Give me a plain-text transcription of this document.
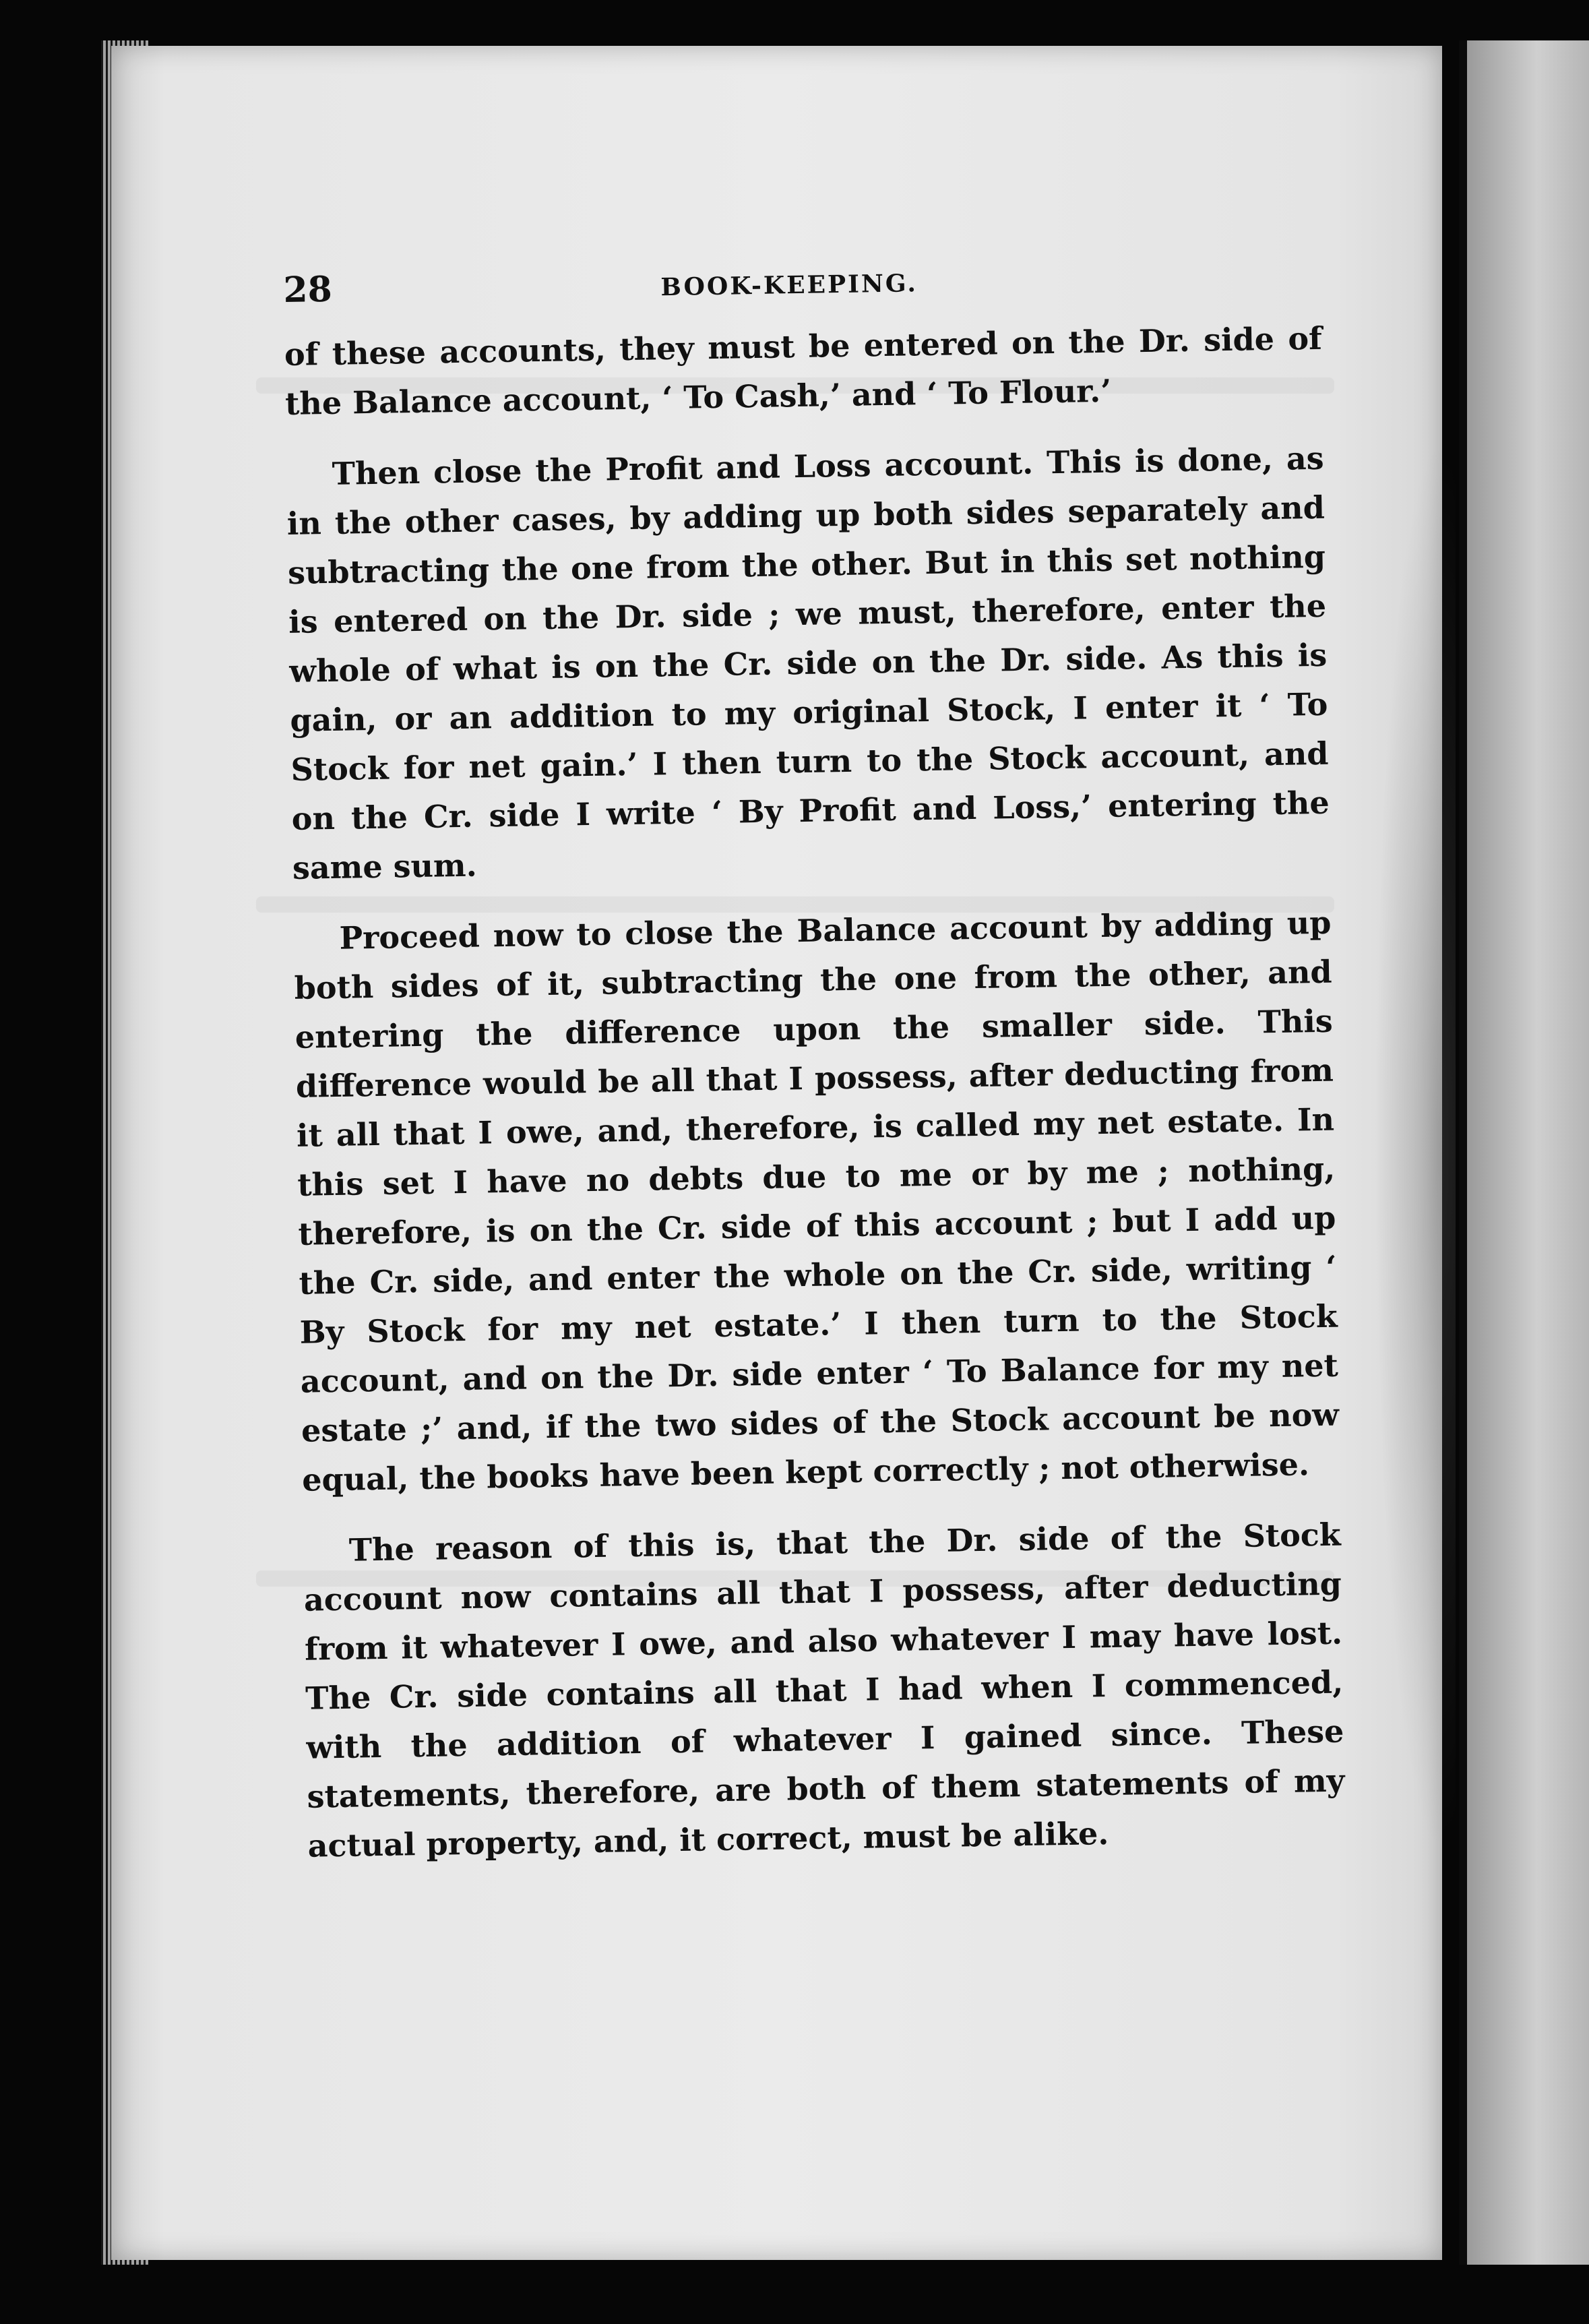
28	BOOK-KEEPING.

of these accounts, they must be entered on the Dr. side of the Balance account, ‘ To Cash,’ and ‘ To Flour.’

Then close the Profit and Loss account. This is done, as in the other cases, by adding up both sides separately and subtracting the one from the other. But in this set nothing is entered on the Dr. side ; we must, therefore, enter the whole of what is on the Cr. side on the Dr. side. As this is gain, or an addition to my original Stock, I enter it ‘ To Stock for net gain.’ I then turn to the Stock account, and on the Cr. side I write ‘ By Profit and Loss,’ entering the same sum.

Proceed now to close the Balance account by adding up both sides of it, subtracting the one from the other, and entering the difference upon the smaller side. This difference would be all that I possess, after deducting from it all that I owe, and, therefore, is called my net estate. In this set I have no debts due to me or by me ; nothing, therefore, is on the Cr. side of this account ; but I add up the Cr. side, and enter the whole on the Cr. side, writing ‘ By Stock for my net estate.’ I then turn to the Stock account, and on the Dr. side enter ‘ To Balance for my net estate ;’ and, if the two sides of the Stock account be now equal, the books have been kept correctly ; not otherwise.

The reason of this is, that the Dr. side of the Stock account now contains all that I possess, after deducting from it whatever I owe, and also whatever I may have lost. The Cr. side contains all that I had when I commenced, with the addition of whatever I gained since. These statements, therefore, are both of them statements of my actual property, and, it correct, must be alike.
